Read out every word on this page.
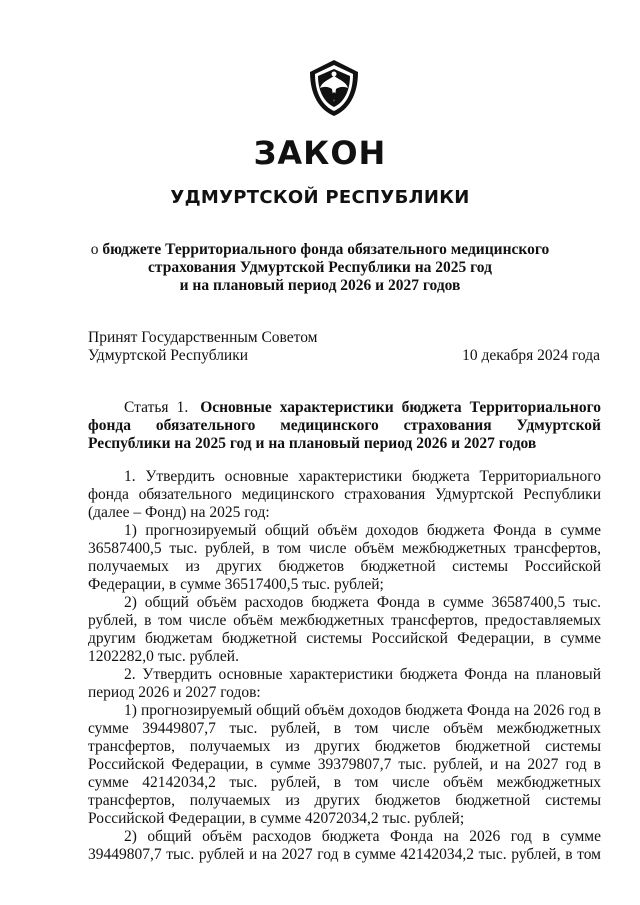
ЗАКОН
УДМУРТСКОЙ РЕСПУБЛИКИ
о бюджете Территориального фонда обязательного медицинского
страхования Удмуртской Республики на 2025 год
и на плановый период 2026 и 2027 годов
Принят Государственным Советом
Удмуртской Республики	10 декабря 2024 года
Статья 1. Основные характеристики бюджета Территориального фонда обязательного медицинского страхования Удмуртской Республики на 2025 год и на плановый период 2026 и 2027 годов

1. Утвердить основные характеристики бюджета Территориального фонда обязательного медицинского страхования Удмуртской Республики (далее – Фонд) на 2025 год:

1) прогнозируемый общий объём доходов бюджета Фонда в сумме 36587400,5 тыс. рублей, в том числе объём межбюджетных трансфертов, получаемых из других бюджетов бюджетной системы Российской Федерации, в сумме 36517400,5 тыс. рублей;

2) общий объём расходов бюджета Фонда в сумме 36587400,5 тыс. рублей, в том числе объём межбюджетных трансфертов, предоставляемых другим бюджетам бюджетной системы Российской Федерации, в сумме 1202282,0 тыс. рублей.

2. Утвердить основные характеристики бюджета Фонда на плановый период 2026 и 2027 годов:

1) прогнозируемый общий объём доходов бюджета Фонда на 2026 год в сумме 39449807,7 тыс. рублей, в том числе объём межбюджетных трансфертов, получаемых из других бюджетов бюджетной системы Российской Федерации, в сумме 39379807,7 тыс. рублей, и на 2027 год в сумме 42142034,2 тыс. рублей, в том числе объём межбюджетных трансфертов, получаемых из других бюджетов бюджетной системы Российской Федерации, в сумме 42072034,2 тыс. рублей;

2) общий объём расходов бюджета Фонда на 2026 год в сумме 39449807,7 тыс. рублей и на 2027 год в сумме 42142034,2 тыс. рублей, в том
